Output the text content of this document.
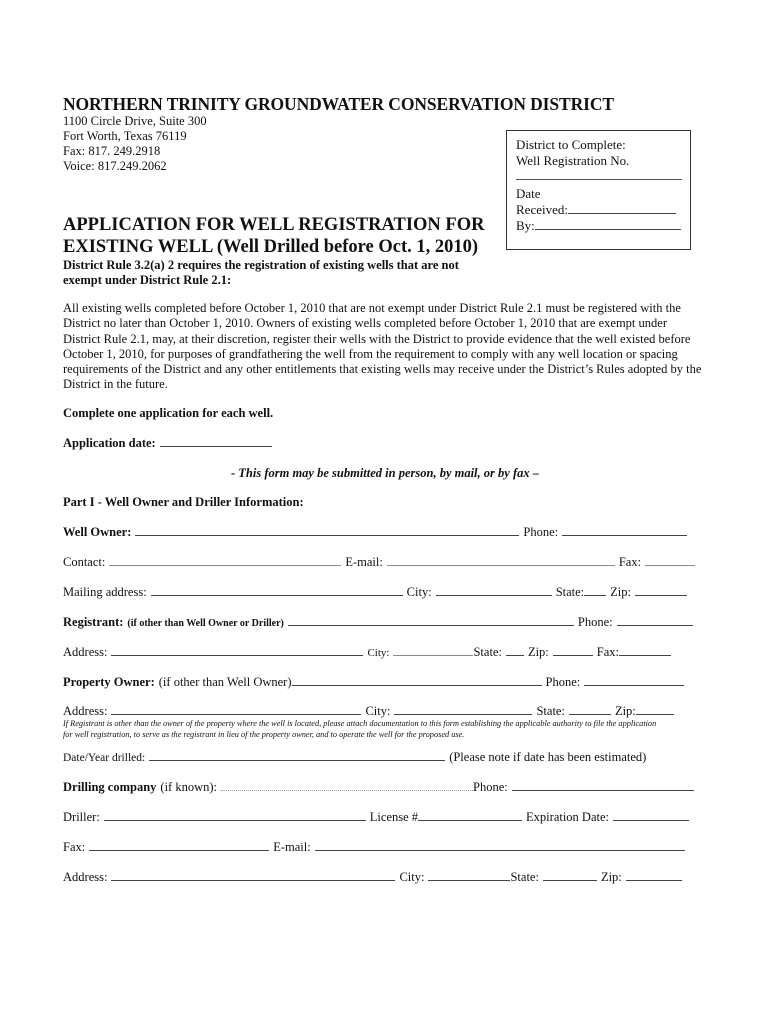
NORTHERN TRINITY GROUNDWATER CONSERVATION DISTRICT
1100 Circle Drive, Suite 300
Fort Worth, Texas 76119
Fax: 817. 249.2918
Voice: 817.249.2062
District to Complete:
Well Registration No.
Date
Received:
By:
APPLICATION FOR WELL REGISTRATION FOR
EXISTING WELL (Well Drilled before Oct. 1, 2010)
District Rule 3.2(a) 2 requires the registration of existing wells that are not
exempt under District Rule 2.1:
All existing wells completed before October 1, 2010 that are not exempt under District Rule 2.1 must be registered with the District no later than October 1, 2010. Owners of existing wells completed before October 1, 2010 that are exempt under District Rule 2.1, may, at their discretion, register their wells with the District to provide evidence that the well existed before October 1, 2010, for purposes of grandfathering the well from the requirement to comply with any well location or spacing requirements of the District and any other entitlements that existing wells may receive under the District’s Rules adopted by the District in the future.
Complete one application for each well.
Application date:
- This form may be submitted in person, by mail, or by fax –
Part I - Well Owner and Driller Information:
Well Owner:	Phone:
Contact:	E-mail:	Fax:
Mailing address:	City:	State: Zip:
Registrant: (if other than Well Owner or Driller)	Phone:
Address:	City:	State: Zip:	Fax:
Property Owner: (if other than Well Owner)	Phone:
Address:	City:	State:	Zip:
If Registrant is other than the owner of the property where the well is located, please attach documentation to this form establishing the applicable authority to file the application
for well registration, to serve as the registrant in lieu of the property owner, and to operate the well for the proposed use.
Date/Year drilled:	(Please note if date has been estimated)
Drilling company (if known):	Phone:
Driller:	License #	Expiration Date:
Fax:	E-mail:
Address:	City:	State:	Zip:
